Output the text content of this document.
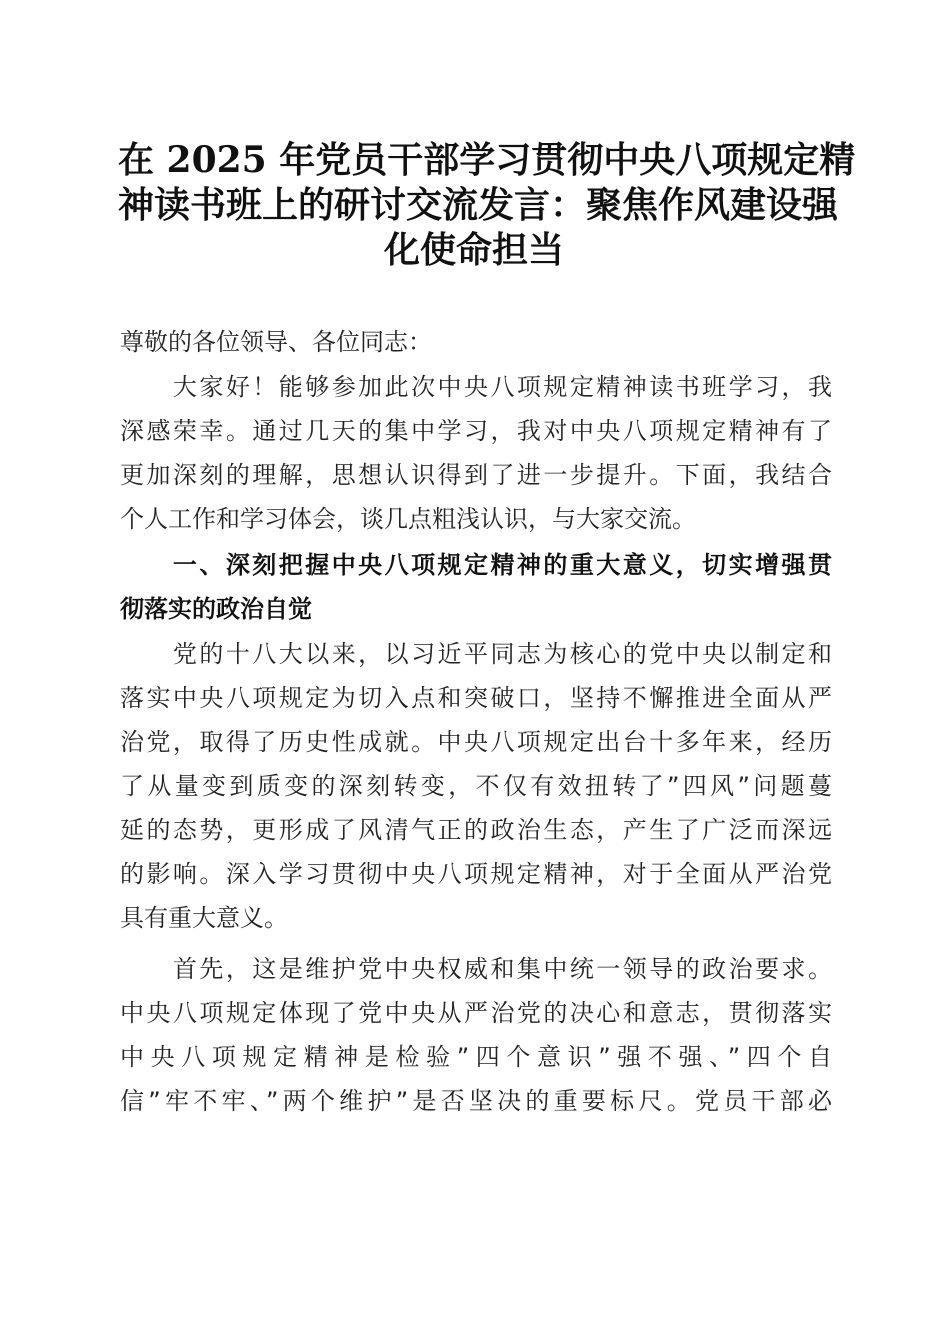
在 2025 年党员干部学习贯彻中央八项规定精
神读书班上的研讨交流发言：聚焦作风建设强
化使命担当
尊敬的各位领导、各位同志：
　　大家好！能够参加此次中央八项规定精神读书班学习，我
深感荣幸。通过几天的集中学习，我对中央八项规定精神有了
更加深刻的理解，思想认识得到了进一步提升。下面，我结合
个人工作和学习体会，谈几点粗浅认识，与大家交流。
　　一、深刻把握中央八项规定精神的重大意义，切实增强贯
彻落实的政治自觉
　　党的十八大以来，以习近平同志为核心的党中央以制定和
落实中央八项规定为切入点和突破口，坚持不懈推进全面从严
治党，取得了历史性成就。中央八项规定出台十多年来，经历
了从量变到质变的深刻转变，不仅有效扭转了”四风”问题蔓
延的态势，更形成了风清气正的政治生态，产生了广泛而深远
的影响。深入学习贯彻中央八项规定精神，对于全面从严治党
具有重大意义。
　　首先，这是维护党中央权威和集中统一领导的政治要求。
中央八项规定体现了党中央从严治党的决心和意志，贯彻落实
中央八项规定精神是检验”四个意识”强不强、”四个自
信”牢不牢、”两个维护”是否坚决的重要标尺。党员干部必
